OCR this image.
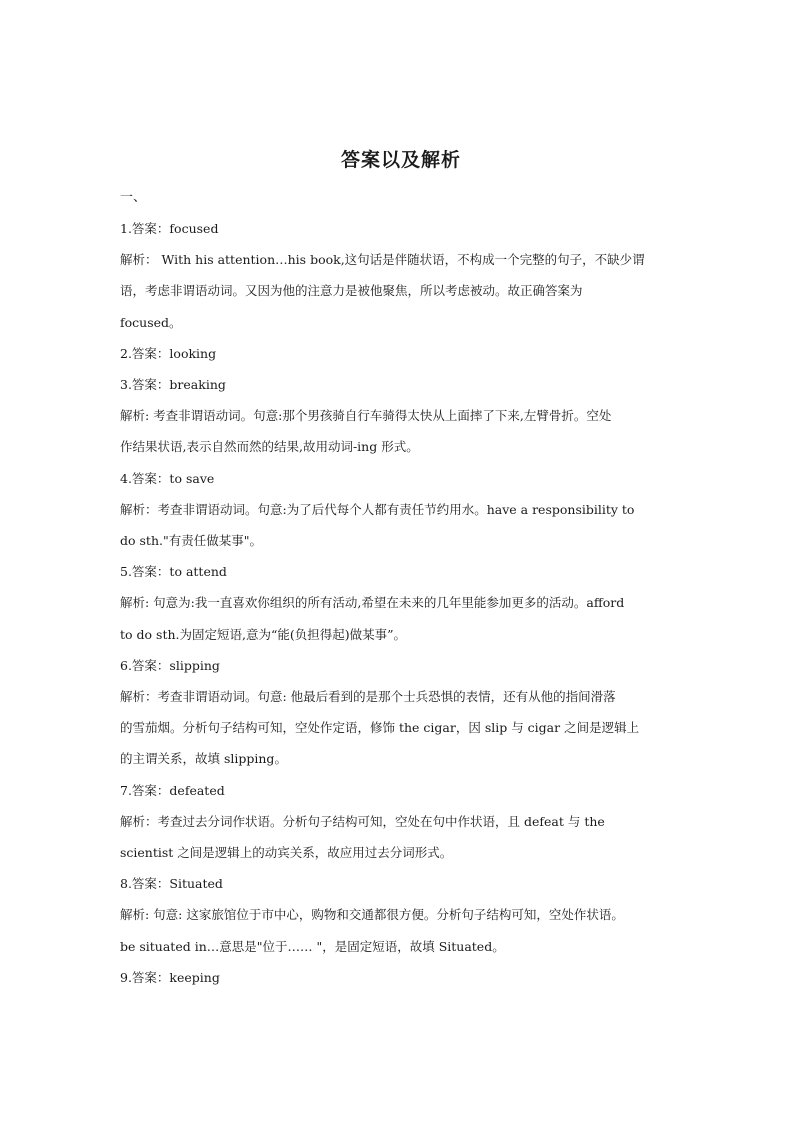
答案以及解析

一、

1.答案：focused

解析： With his attention…his book,这句话是伴随状语，不构成一个完整的句子，不缺少谓

语，考虑非谓语动词。又因为他的注意力是被他聚焦，所以考虑被动。故正确答案为

focused。

2.答案：looking

3.答案：breaking

解析: 考查非谓语动词。句意:那个男孩骑自行车骑得太快从上面摔了下来,左臂骨折。空处

作结果状语,表示自然而然的结果,故用动词-ing 形式。

4.答案：to save

解析：考查非谓语动词。句意:为了后代每个人都有责任节约用水。have a responsibility to

do sth."有责任做某事"。

5.答案：to attend

解析: 句意为:我一直喜欢你组织的所有活动,希望在未来的几年里能参加更多的活动。afford

to do sth.为固定短语,意为“能(负担得起)做某事”。

6.答案：slipping

解析：考查非谓语动词。句意: 他最后看到的是那个士兵恐惧的表情，还有从他的指间滑落

的雪茄烟。分析句子结构可知，空处作定语，修饰 the cigar，因 slip 与 cigar 之间是逻辑上

的主谓关系，故填 slipping。

7.答案：defeated

解析：考查过去分词作状语。分析句子结构可知，空处在句中作状语，且 defeat 与 the

scientist 之间是逻辑上的动宾关系，故应用过去分词形式。

8.答案：Situated

解析: 句意: 这家旅馆位于市中心，购物和交通都很方便。分析句子结构可知，空处作状语。

be situated in…意思是"位于…… "，是固定短语，故填 Situated。

9.答案：keeping
